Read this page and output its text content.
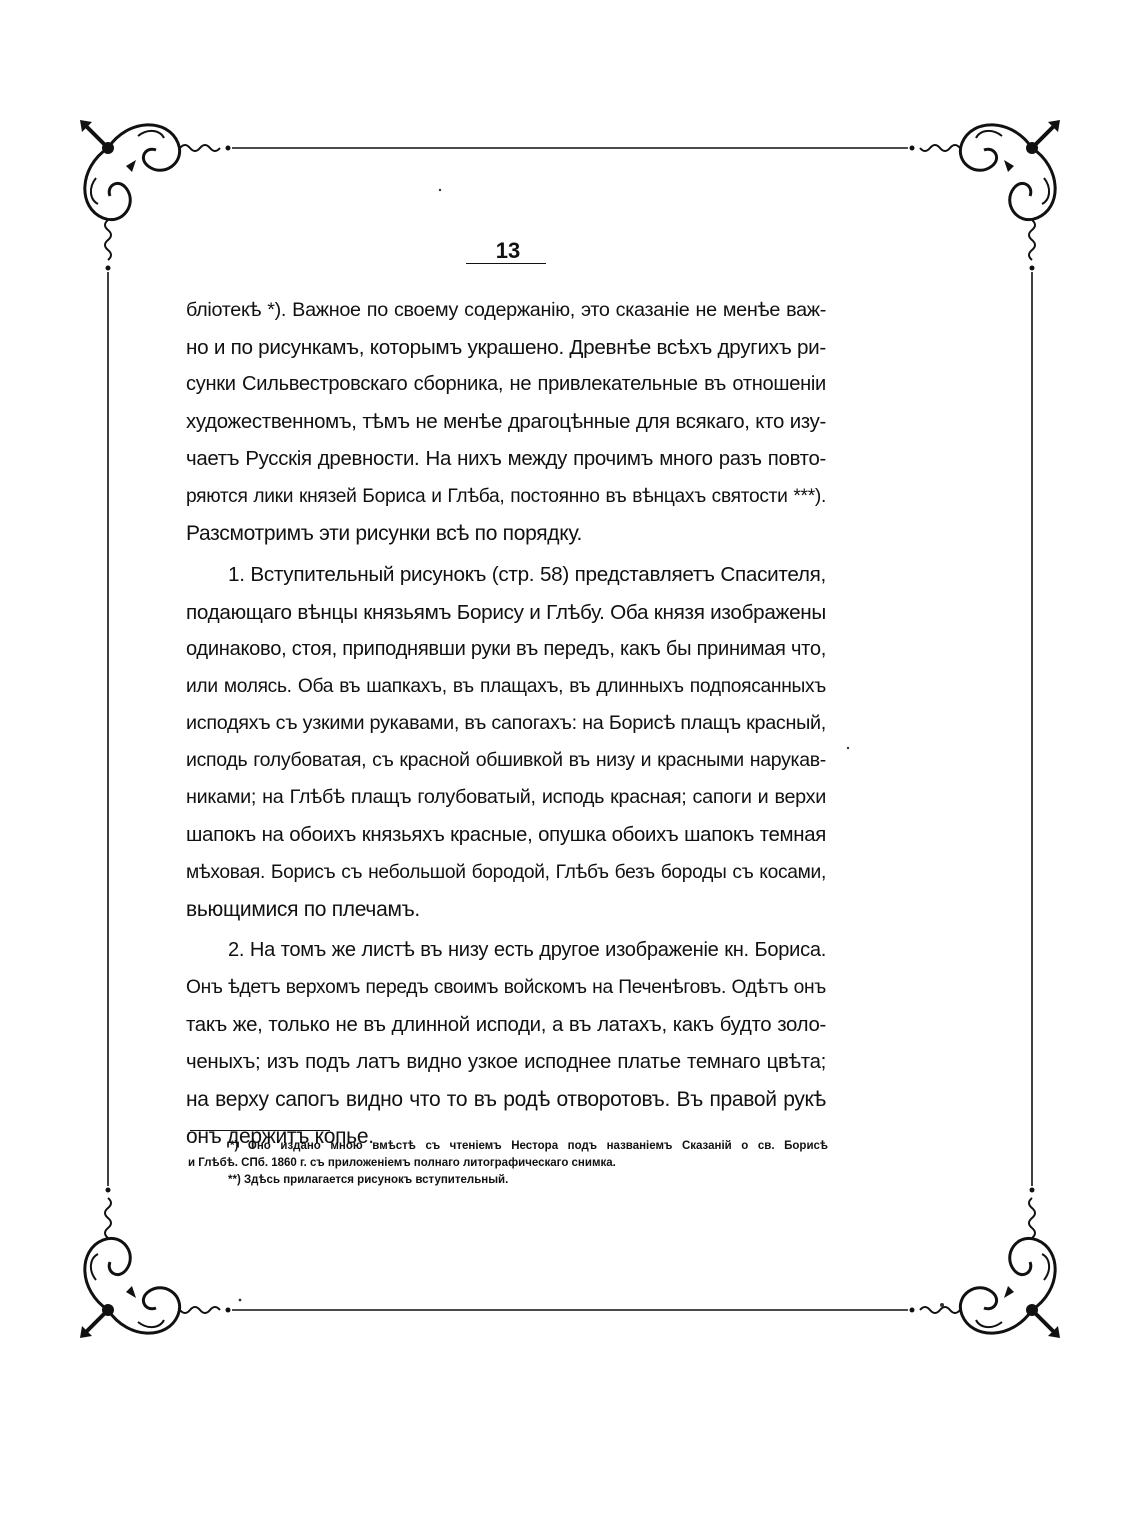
13
бліотекѣ *). Важное по своему содержанію, это сказаніе не менѣе важ-
но и по рисункамъ, которымъ украшено. Древнѣе всѣхъ другихъ ри-
сунки Сильвестровскаго сборника, не привлекательные въ отношеніи
художественномъ, тѣмъ не менѣе драгоцѣнные для всякаго, кто изу-
чаетъ Русскія древности. На нихъ между прочимъ много разъ повто-
ряются лики князей Бориса и Глѣба, постоянно въ вѣнцахъ святости ***).
Разсмотримъ эти рисунки всѣ по порядку.
1. Вступительный рисунокъ (стр. 58) представляетъ Спасителя,
подающаго вѣнцы князьямъ Борису и Глѣбу. Оба князя изображены
одинаково, стоя, приподнявши руки въ передъ, какъ бы принимая что,
или молясь. Оба въ шапкахъ, въ плащахъ, въ длинныхъ подпоясанныхъ
исподяхъ съ узкими рукавами, въ сапогахъ: на Борисѣ плащъ красный,
исподь голубоватая, съ красной обшивкой въ низу и красными нарукав-
никами; на Глѣбѣ плащъ голубоватый, исподь красная; сапоги и верхи
шапокъ на обоихъ князьяхъ красные, опушка обоихъ шапокъ темная
мѣховая. Борисъ съ небольшой бородой, Глѣбъ безъ бороды съ косами,
вьющимися по плечамъ.
2. На томъ же листѣ въ низу есть другое изображеніе кн. Бориса.
Онъ ѣдетъ верхомъ передъ своимъ войскомъ на Печенѣговъ. Одѣтъ онъ
такъ же, только не въ длинной исподи, а въ латахъ, какъ будто золо-
ченыхъ; изъ подъ латъ видно узкое исподнее платье темнаго цвѣта;
на верху сапогъ видно что то въ родѣ отворотовъ. Въ правой рукѣ
онъ держитъ копье.
*) Оно издано мною вмѣстѣ съ чтеніемъ Нестора подъ названіемъ Сказаній о св. Борисѣ
и Глѣбѣ. СПб. 1860 г. съ приложеніемъ полнаго литографическаго снимка.
**) Здѣсь прилагается рисунокъ вступительный.
